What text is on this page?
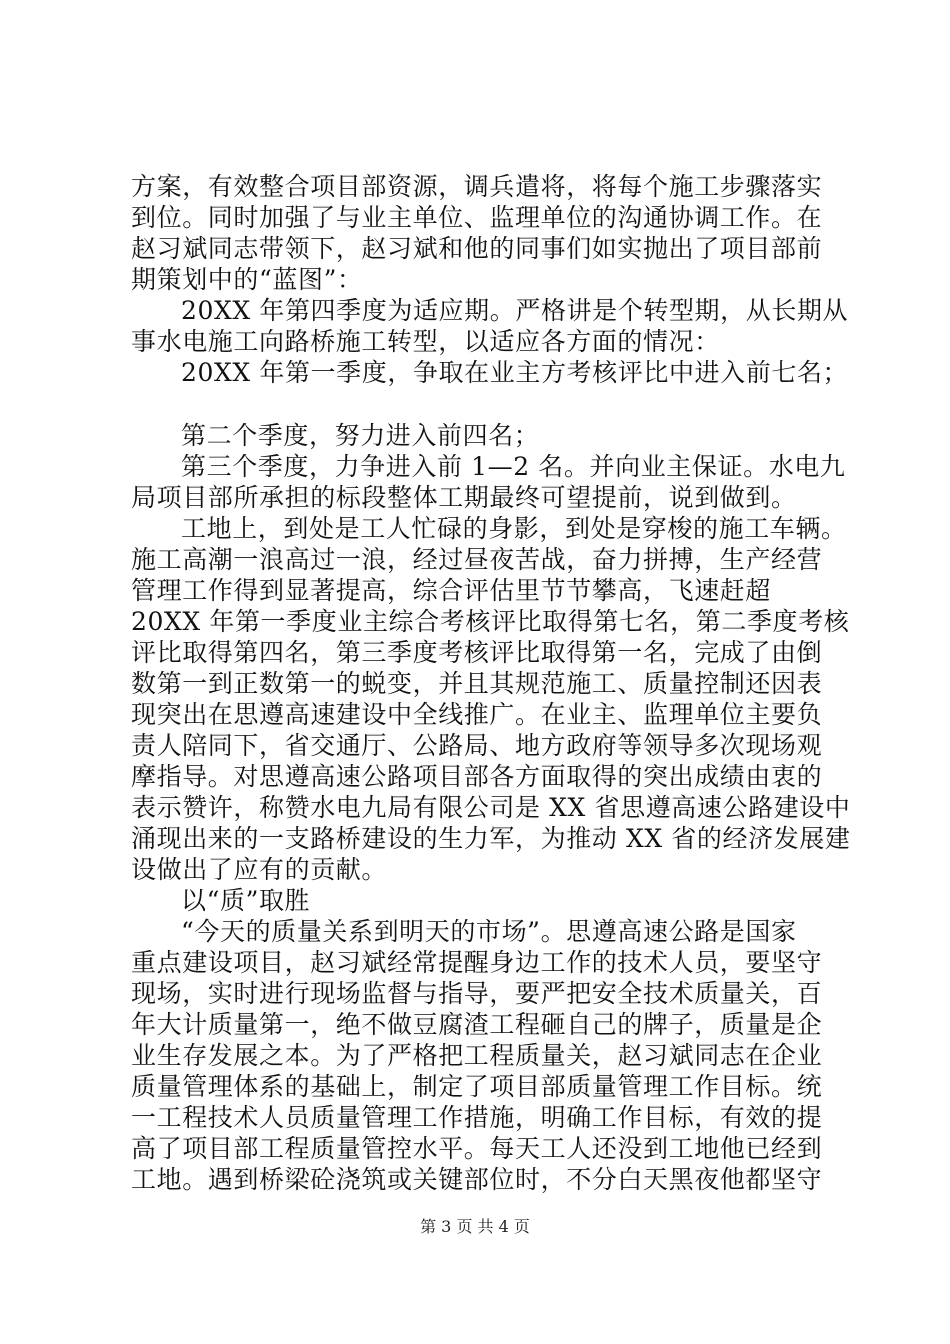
方案，有效整合项目部资源，调兵遣将，将每个施工步骤落实
到位。同时加强了与业主单位、监理单位的沟通协调工作。在
赵习斌同志带领下，赵习斌和他的同事们如实抛出了项目部前
期策划中的“蓝图”：
20XX 年第四季度为适应期。严格讲是个转型期，从长期从
事水电施工向路桥施工转型，以适应各方面的情况：
20XX 年第一季度，争取在业主方考核评比中进入前七名；
第二个季度，努力进入前四名；
第三个季度，力争进入前 1—2 名。并向业主保证。水电九
局项目部所承担的标段整体工期最终可望提前，说到做到。
工地上，到处是工人忙碌的身影，到处是穿梭的施工车辆。
施工高潮一浪高过一浪，经过昼夜苦战，奋力拼搏，生产经营
管理工作得到显著提高，综合评估里节节攀高，飞速赶超
20XX 年第一季度业主综合考核评比取得第七名，第二季度考核
评比取得第四名，第三季度考核评比取得第一名，完成了由倒
数第一到正数第一的蜕变，并且其规范施工、质量控制还因表
现突出在思遵高速建设中全线推广。在业主、监理单位主要负
责人陪同下，省交通厅、公路局、地方政府等领导多次现场观
摩指导。对思遵高速公路项目部各方面取得的突出成绩由衷的
表示赞许，称赞水电九局有限公司是 XX 省思遵高速公路建设中
涌现出来的一支路桥建设的生力军，为推动 XX 省的经济发展建
设做出了应有的贡献。
以“质”取胜
“今天的质量关系到明天的市场”。思遵高速公路是国家
重点建设项目，赵习斌经常提醒身边工作的技术人员，要坚守
现场，实时进行现场监督与指导，要严把安全技术质量关，百
年大计质量第一，绝不做豆腐渣工程砸自己的牌子，质量是企
业生存发展之本。为了严格把工程质量关，赵习斌同志在企业
质量管理体系的基础上，制定了项目部质量管理工作目标。统
一工程技术人员质量管理工作措施，明确工作目标，有效的提
高了项目部工程质量管控水平。每天工人还没到工地他已经到
工地。遇到桥梁砼浇筑或关键部位时，不分白天黑夜他都坚守
第 3 页 共 4 页
